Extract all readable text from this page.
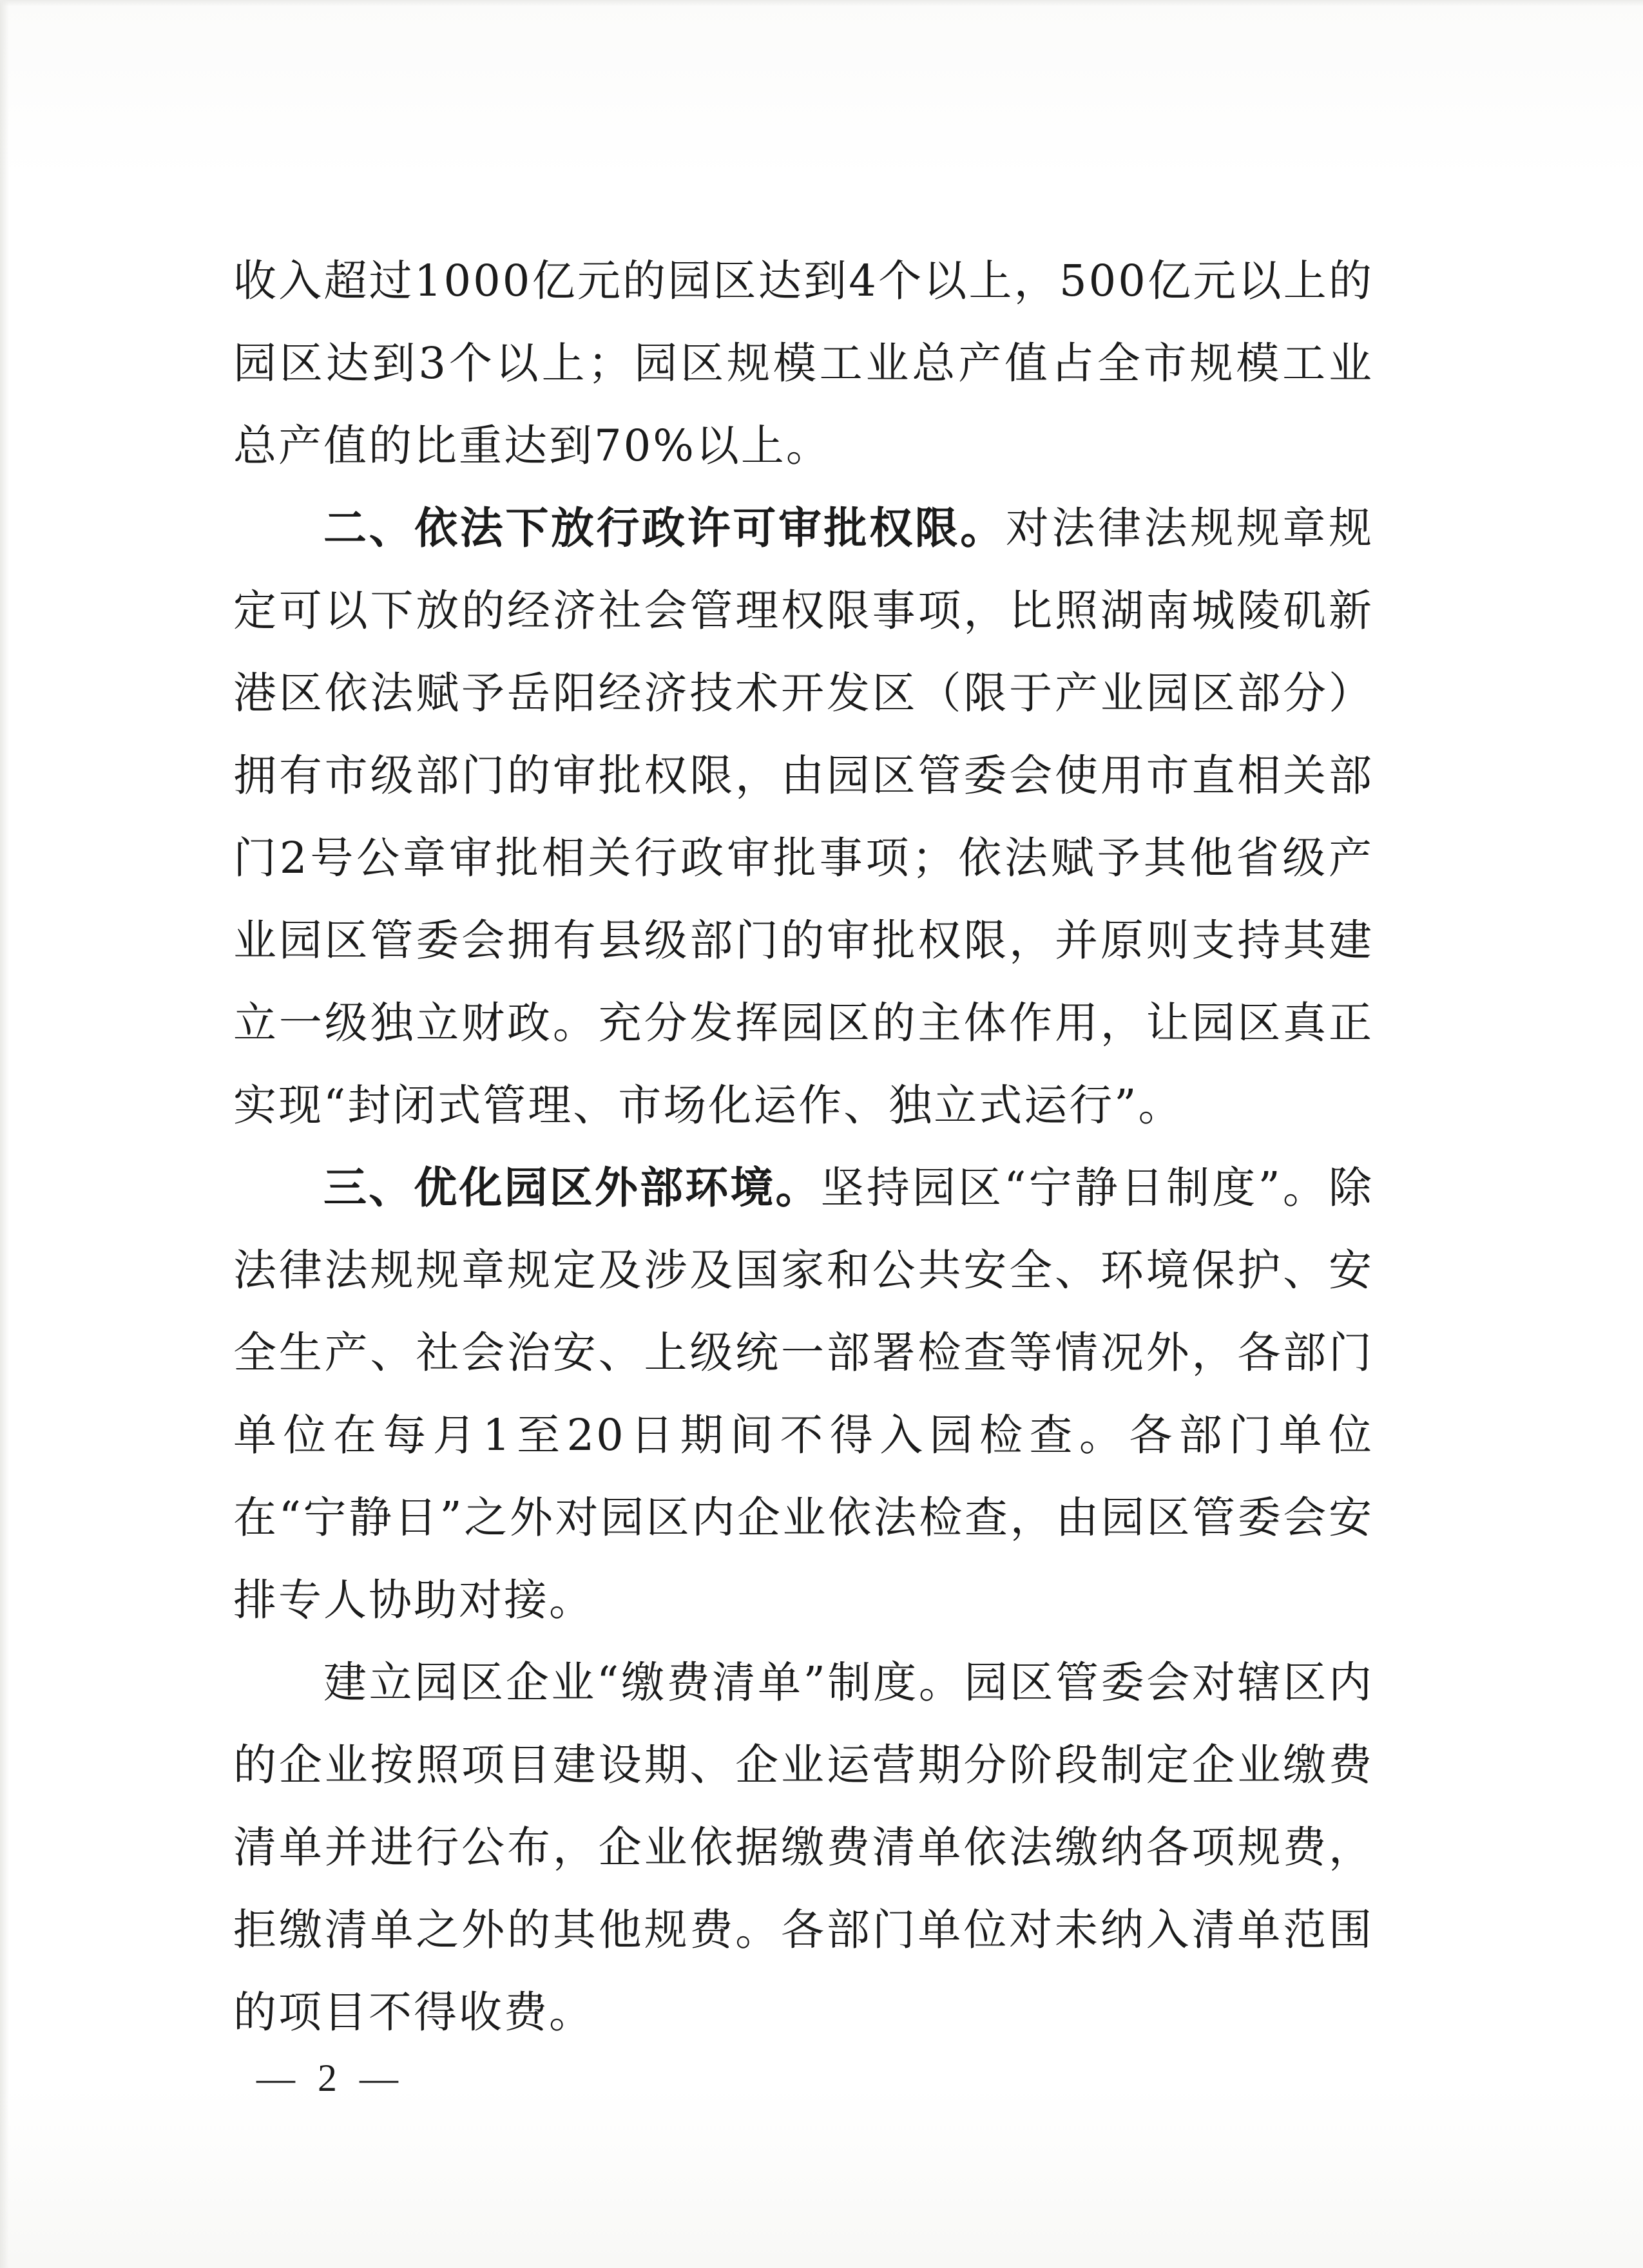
收入超过1000亿元的园区达到4个以上，500亿元以上的园区达到3个以上；园区规模工业总产值占全市规模工业总产值的比重达到70%以上。

二、依法下放行政许可审批权限。对法律法规规章规定可以下放的经济社会管理权限事项，比照湖南城陵矶新港区依法赋予岳阳经济技术开发区（限于产业园区部分）拥有市级部门的审批权限，由园区管委会使用市直相关部门2号公章审批相关行政审批事项；依法赋予其他省级产业园区管委会拥有县级部门的审批权限，并原则支持其建立一级独立财政。充分发挥园区的主体作用，让园区真正实现“封闭式管理、市场化运作、独立式运行”。

三、优化园区外部环境。坚持园区“宁静日制度”。除法律法规规章规定及涉及国家和公共安全、环境保护、安全生产、社会治安、上级统一部署检查等情况外，各部门单位在每月1至20日期间不得入园检查。各部门单位在“宁静日”之外对园区内企业依法检查，由园区管委会安排专人协助对接。

建立园区企业“缴费清单”制度。园区管委会对辖区内的企业按照项目建设期、企业运营期分阶段制定企业缴费清单并进行公布，企业依据缴费清单依法缴纳各项规费，拒缴清单之外的其他规费。各部门单位对未纳入清单范围的项目不得收费。

— 2 —
